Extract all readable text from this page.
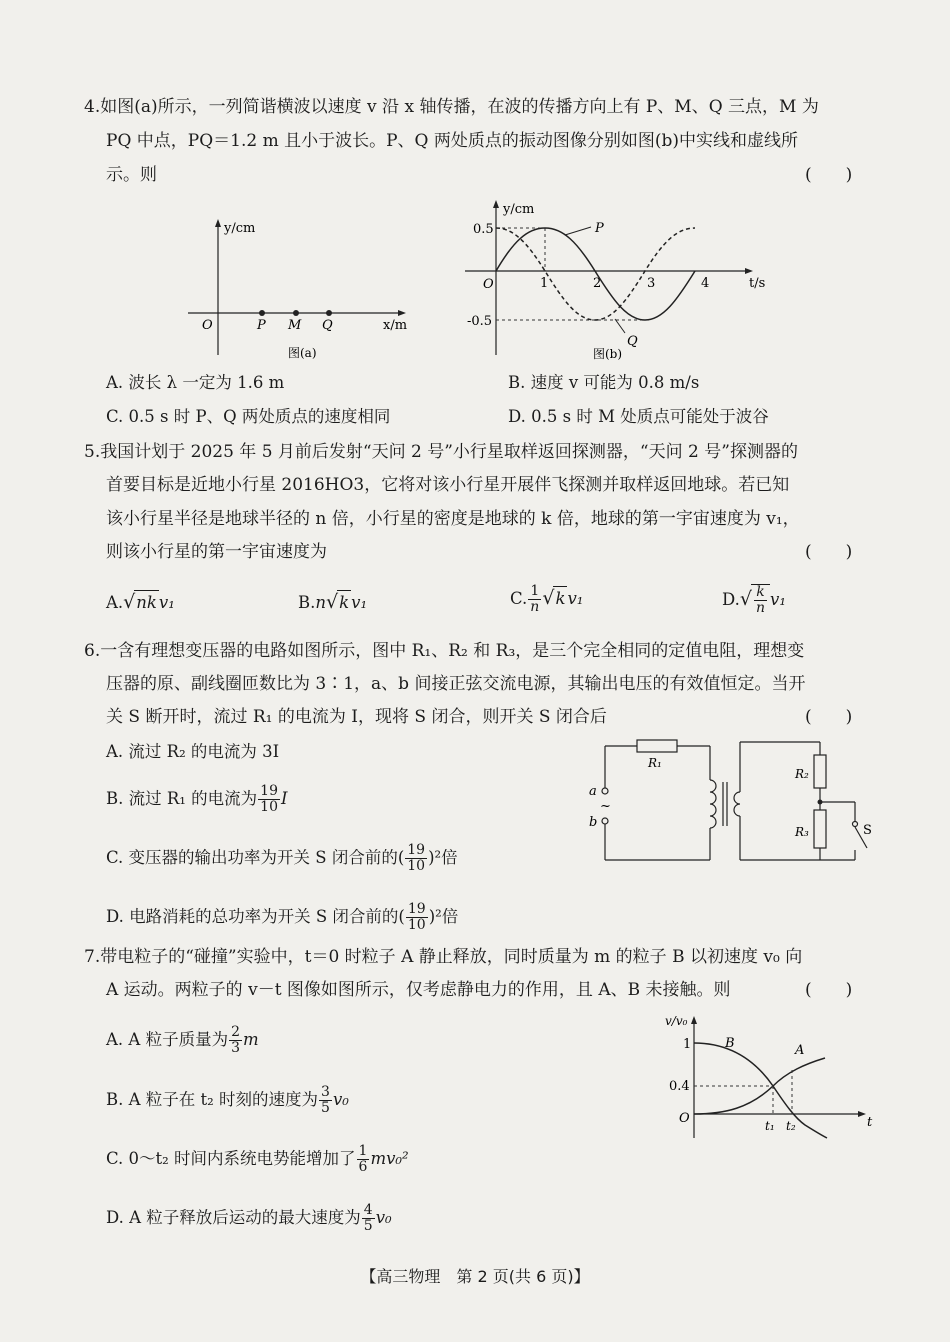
4.如图(a)所示，一列简谐横波以速度 v 沿 x 轴传播，在波的传播方向上有 P、M、Q 三点，M 为
PQ 中点，PQ＝1.2 m 且小于波长。P、Q 两处质点的振动图像分别如图(b)中实线和虚线所
示。则	(　　)
y/cm
O	P M Q	x/m
图(a)
y/cm
O
0.5
-0.5
1	2	3	4	t/s
P
Q
图(b)
A. 波长 λ 一定为 1.6 m	B. 速度 v 可能为 0.8 m/s
C. 0.5 s 时 P、Q 两处质点的速度相同	D. 0.5 s 时 M 处质点可能处于波谷
5.我国计划于 2025 年 5 月前后发射“天问 2 号”小行星取样返回探测器，“天问 2 号”探测器的
首要目标是近地小行星 2016HO3，它将对该小行星开展伴飞探测并取样返回地球。若已知
该小行星半径是地球半径的 n 倍，小行星的密度是地球的 k 倍，地球的第一宇宙速度为 v₁，
则该小行星的第一宇宙速度为	(　　)
A.√nk v₁	B.n√k v₁	C. $\frac{1}{n} √k$ v₁	$D.√ \frac{k}{n} v_1$
6.一含有理想变压器的电路如图所示，图中 R₁、R₂ 和 R₃，是三个完全相同的定值电阻，理想变
压器的原、副线圈匝数比为 3∶1，a、b 间接正弦交流电源，其输出电压的有效值恒定。当开
关 S 断开时，流过 R₁ 的电流为 I，现将 S 闭合，则开关 S 闭合后	(　　)
A. 流过 R₂ 的电流为 3I
B. 流过 R₁ 的电流为 $\frac{19}{10}$ I
C. 变压器的输出功率为开关 S 闭合前的( $\frac{19}{10} )^2$倍
D. 电路消耗的总功率为开关 S 闭合前的( $\frac{19}{10} )^2$倍
R₁
a
b
~
R₂
R₃	S
7.带电粒子的“碰撞”实验中，t＝0 时粒子 A 静止释放，同时质量为 m 的粒子 B 以初速度 v₀ 向
A 运动。两粒子的 v－t 图像如图所示，仅考虑静电力的作用，且 A、B 未接触。则	(　　)
A. A 粒子质量为 $\frac{2}{3}$ m
B. A 粒子在 t₂ 时刻的速度为 $\frac{3}{5} v_0$
C. 0～t₂ 时间内系统电势能增加了 $\frac{1}{6} mv_0^2$
D. A 粒子释放后运动的最大速度为 $\frac{4}{5} v_0$
v/v₀
1
0.4
O	t
t₁ t₂
B	A
【高三物理　第 2 页(共 6 页)】
